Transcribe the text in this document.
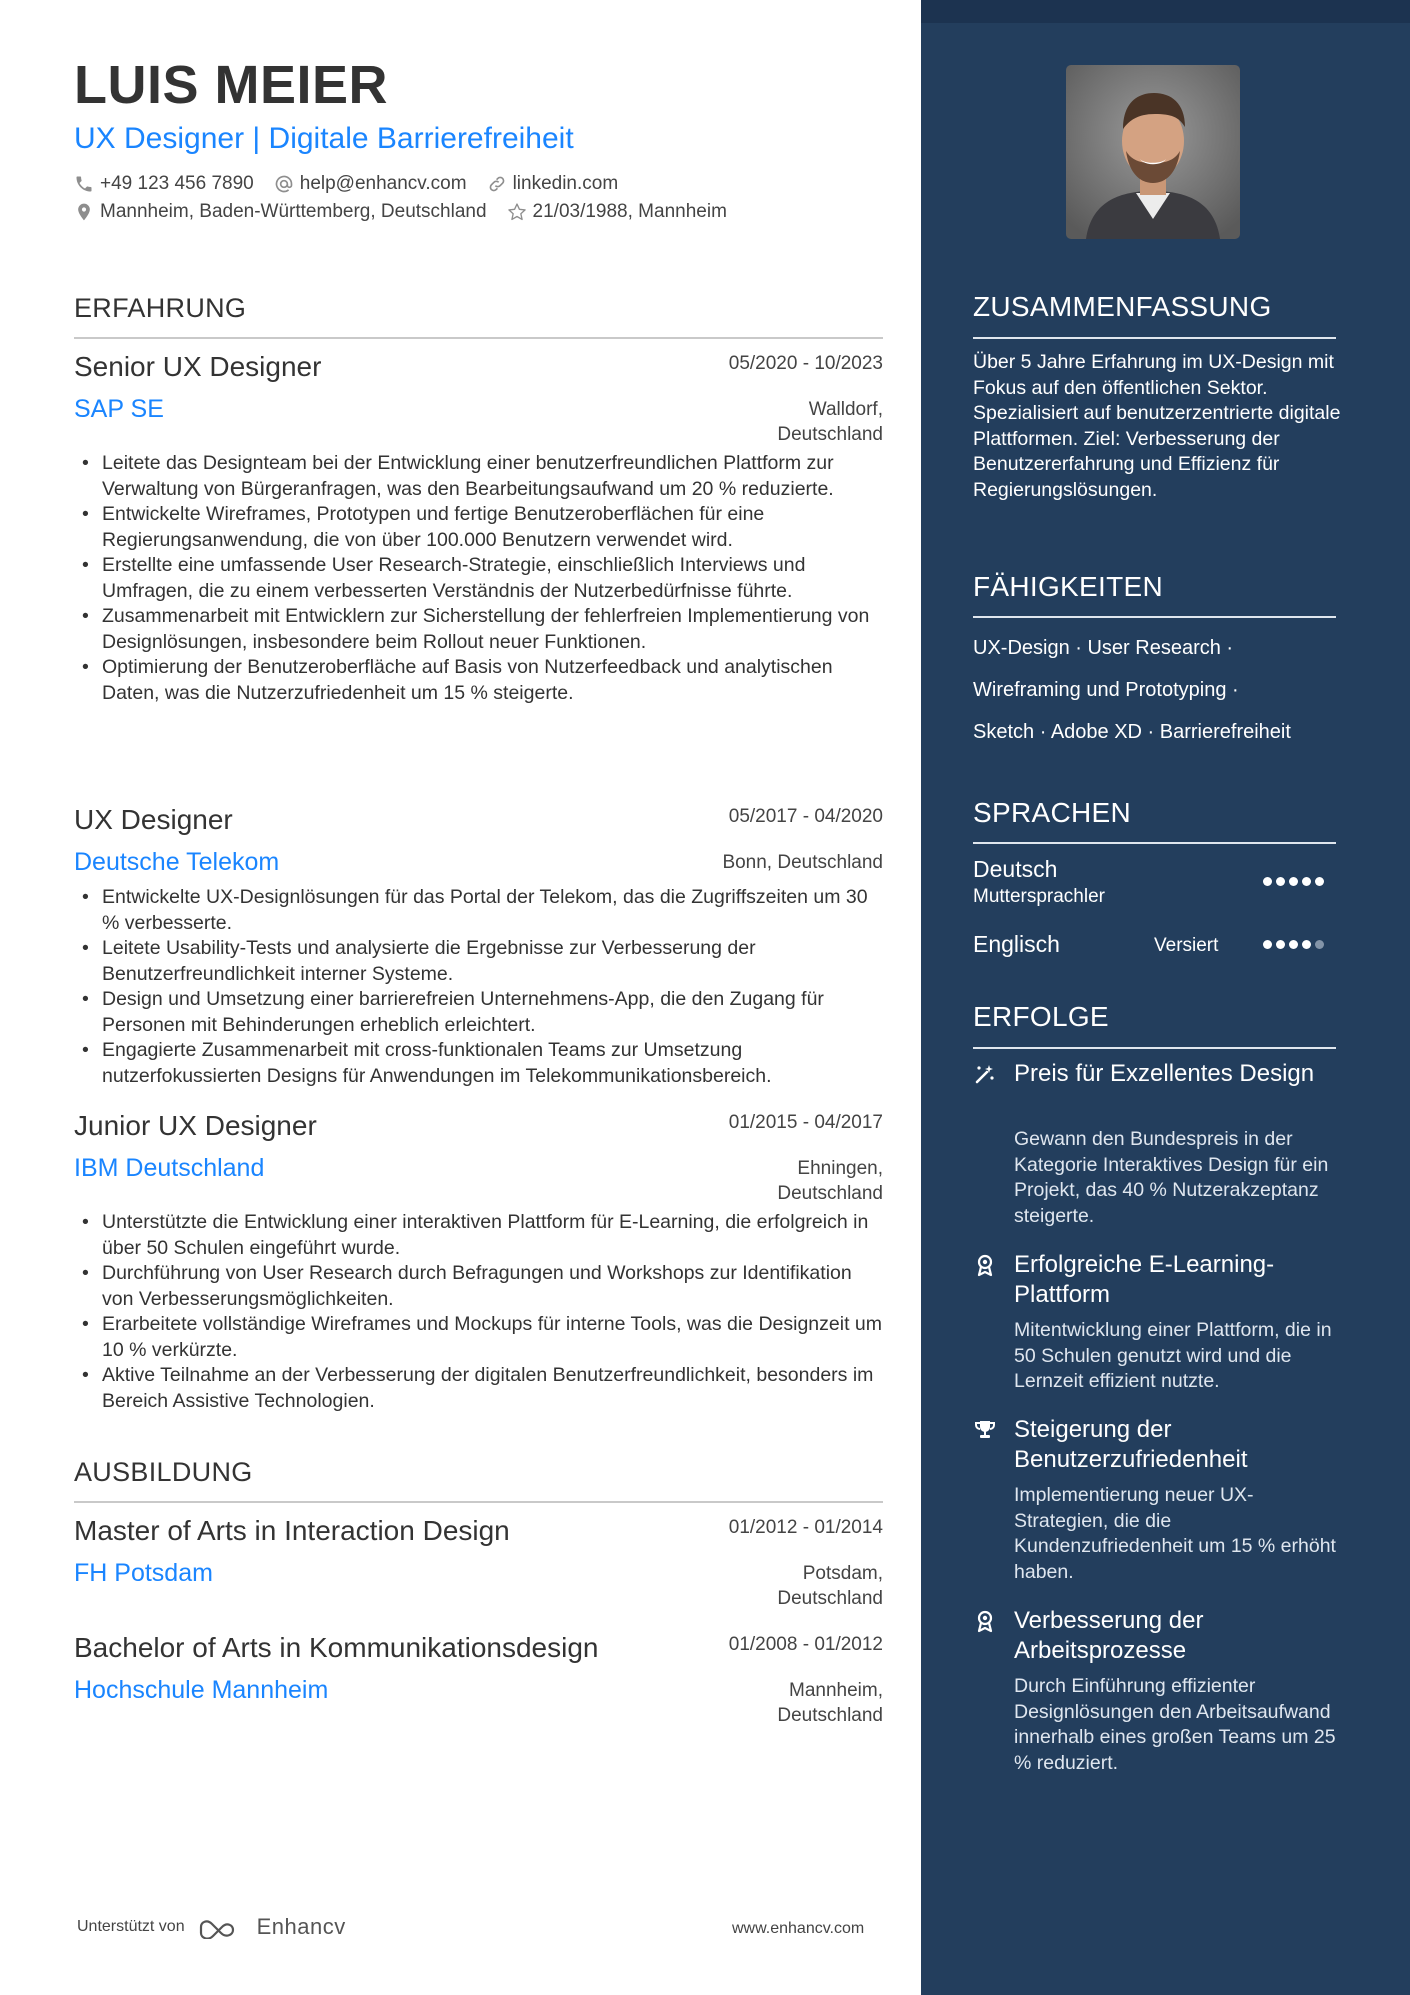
LUIS MEIER
UX Designer | Digitale Barrierefreiheit
+49 123 456 7890 help@enhancv.com linkedin.com
Mannheim, Baden-Württemberg, Deutschland 21/03/1988, Mannheim
ERFAHRUNG
Senior UX Designer	05/2020 - 10/2023
SAP SE	Walldorf,
Deutschland
• Leitete das Designteam bei der Entwicklung einer benutzerfreundlichen Plattform zur Verwaltung von Bürgeranfragen, was den Bearbeitungsaufwand um 20 % reduzierte.
• Entwickelte Wireframes, Prototypen und fertige Benutzeroberflächen für eine Regierungsanwendung, die von über 100.000 Benutzern verwendet wird.
• Erstellte eine umfassende User Research-Strategie, einschließlich Interviews und Umfragen, die zu einem verbesserten Verständnis der Nutzerbedürfnisse führte.
• Zusammenarbeit mit Entwicklern zur Sicherstellung der fehlerfreien Implementierung von Designlösungen, insbesondere beim Rollout neuer Funktionen.
• Optimierung der Benutzeroberfläche auf Basis von Nutzerfeedback und analytischen Daten, was die Nutzerzufriedenheit um 15 % steigerte.
UX Designer	05/2017 - 04/2020
Deutsche Telekom	Bonn, Deutschland
• Entwickelte UX-Designlösungen für das Portal der Telekom, das die Zugriffszeiten um 30 % verbesserte.
• Leitete Usability-Tests und analysierte die Ergebnisse zur Verbesserung der Benutzerfreundlichkeit interner Systeme.
• Design und Umsetzung einer barrierefreien Unternehmens-App, die den Zugang für Personen mit Behinderungen erheblich erleichtert.
• Engagierte Zusammenarbeit mit cross-funktionalen Teams zur Umsetzung nutzerfokussierten Designs für Anwendungen im Telekommunikationsbereich.
Junior UX Designer	01/2015 - 04/2017
IBM Deutschland	Ehningen,
Deutschland
• Unterstützte die Entwicklung einer interaktiven Plattform für E-Learning, die erfolgreich in über 50 Schulen eingeführt wurde.
• Durchführung von User Research durch Befragungen und Workshops zur Identifikation von Verbesserungsmöglichkeiten.
• Erarbeitete vollständige Wireframes und Mockups für interne Tools, was die Designzeit um 10 % verkürzte.
• Aktive Teilnahme an der Verbesserung der digitalen Benutzerfreundlichkeit, besonders im Bereich Assistive Technologien.
AUSBILDUNG
Master of Arts in Interaction Design	01/2012 - 01/2014
FH Potsdam	Potsdam,
Deutschland
Bachelor of Arts in Kommunikationsdesign	01/2008 - 01/2012
Hochschule Mannheim	Mannheim,
Deutschland
Unterstützt von	Enhancv	www.enhancv.com
ZUSAMMENFASSUNG
Über 5 Jahre Erfahrung im UX-Design mit Fokus auf den öffentlichen Sektor. Spezialisiert auf benutzerzentrierte digitale Plattformen. Ziel: Verbesserung der Benutzererfahrung und Effizienz für Regierungslösungen.
FÄHIGKEITEN
UX-Design · User Research ·
Wireframing und Prototyping ·
Sketch · Adobe XD · Barrierefreiheit
SPRACHEN
Deutsch
Muttersprachler
Englisch	Versiert
ERFOLGE
Preis für Exzellentes Design
Gewann den Bundespreis in der Kategorie Interaktives Design für ein Projekt, das 40 % Nutzerakzeptanz steigerte.
Erfolgreiche E-Learning-Plattform
Mitentwicklung einer Plattform, die in 50 Schulen genutzt wird und die Lernzeit effizient nutzte.
Steigerung der Benutzerzufriedenheit
Implementierung neuer UX-Strategien, die die Kundenzufriedenheit um 15 % erhöht haben.
Verbesserung der Arbeitsprozesse
Durch Einführung effizienter Designlösungen den Arbeitsaufwand innerhalb eines großen Teams um 25 % reduziert.
